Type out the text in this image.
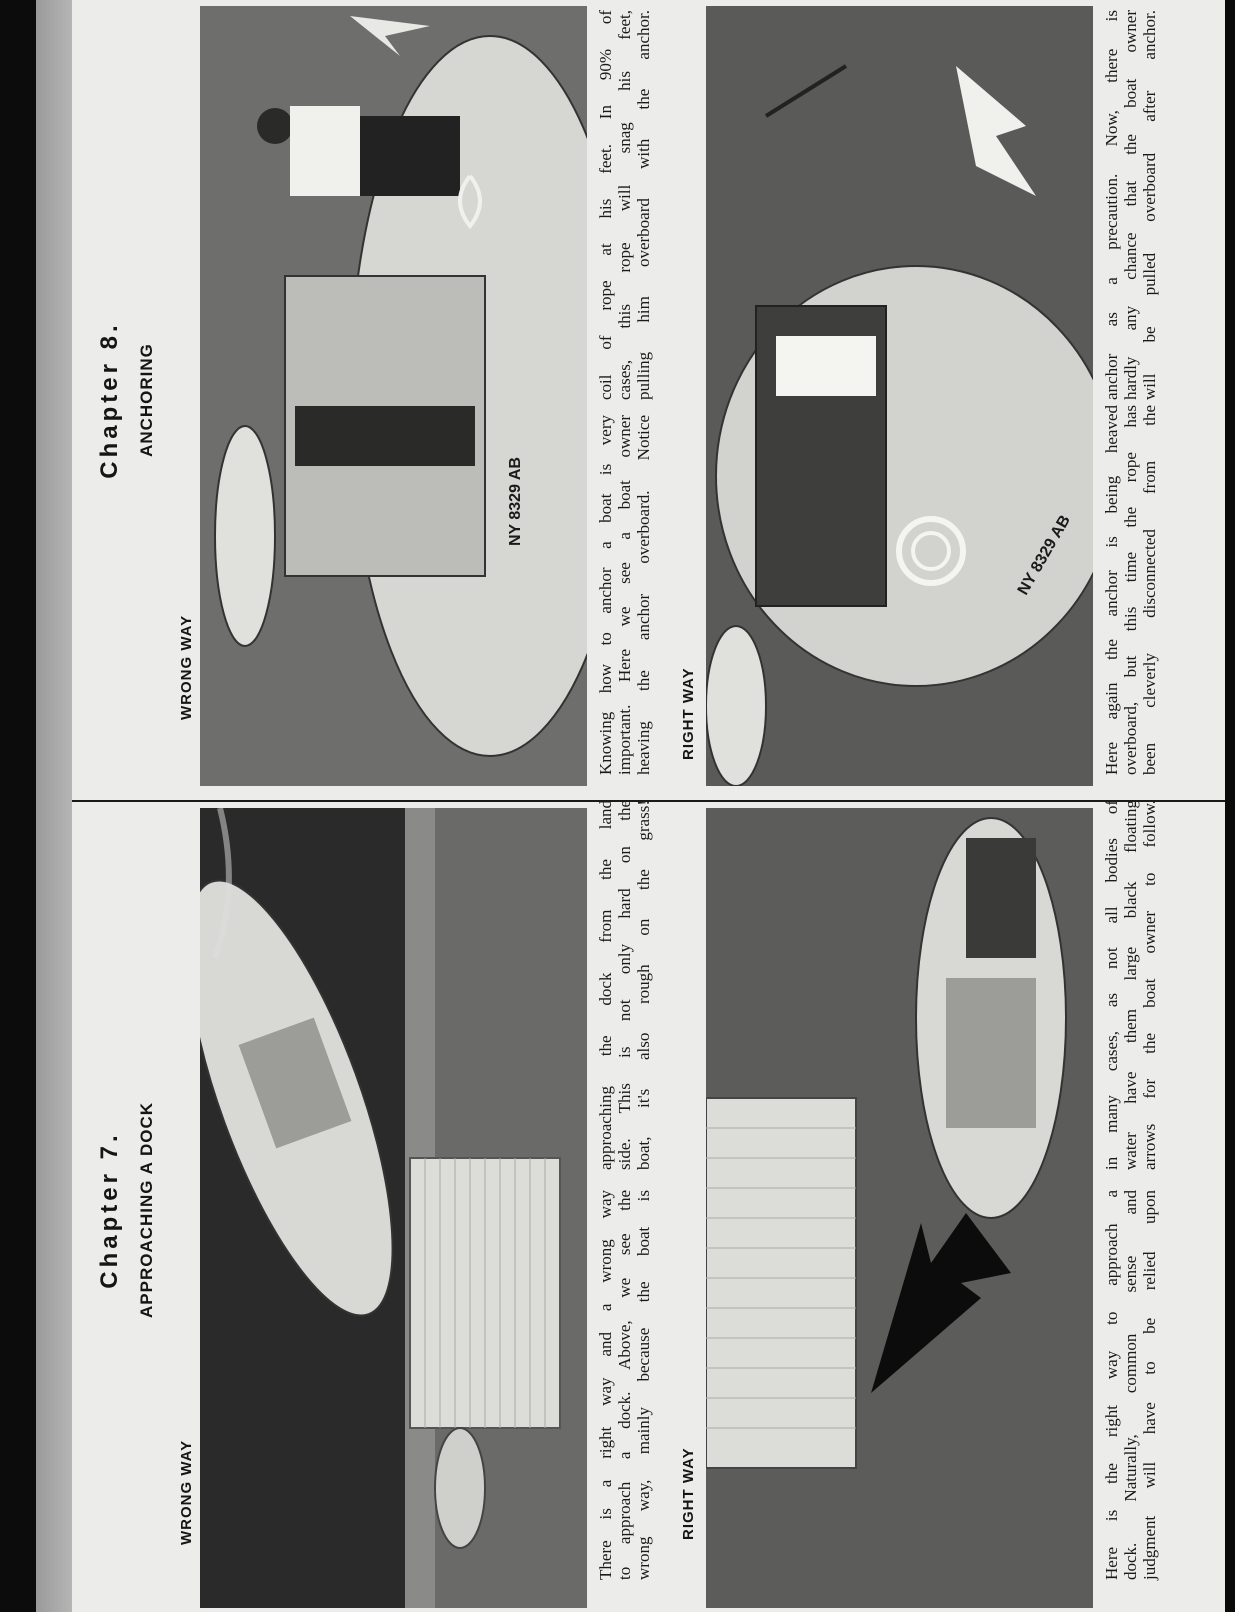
Chapter 7. APPROACHING A DOCK
WRONG WAY	RIGHT WAY
There is a right way and a wrong way to approach a dock. Above, we see the wrong way, mainly because the boat is
approaching the dock from the land side. This is not only hard on the boat, it's also rough on the grass!
Here is the right way to approach a dock. Naturally, common sense and judgment will have to be relied upon
in many cases, as not all bodies of water have them large black floating arrows for the boat owner to follow.
Chapter 8. ANCHORING
WRONG WAY	RIGHT WAY
NY 8329 AB	Knowing how to anchor a boat is very important. Here we see a boat owner heaving the anchor overboard. Notice
coil of rope at his feet. In 90% of cases, this rope will snag his feet, pulling him overboard with the anchor.
NY 8329 AB Here again the anchor is being heaved overboard, but this time the rope has been cleverly disconnected from the
anchor as a precaution. Now, there is hardly any chance that the boat owner will be pulled overboard after anchor.
